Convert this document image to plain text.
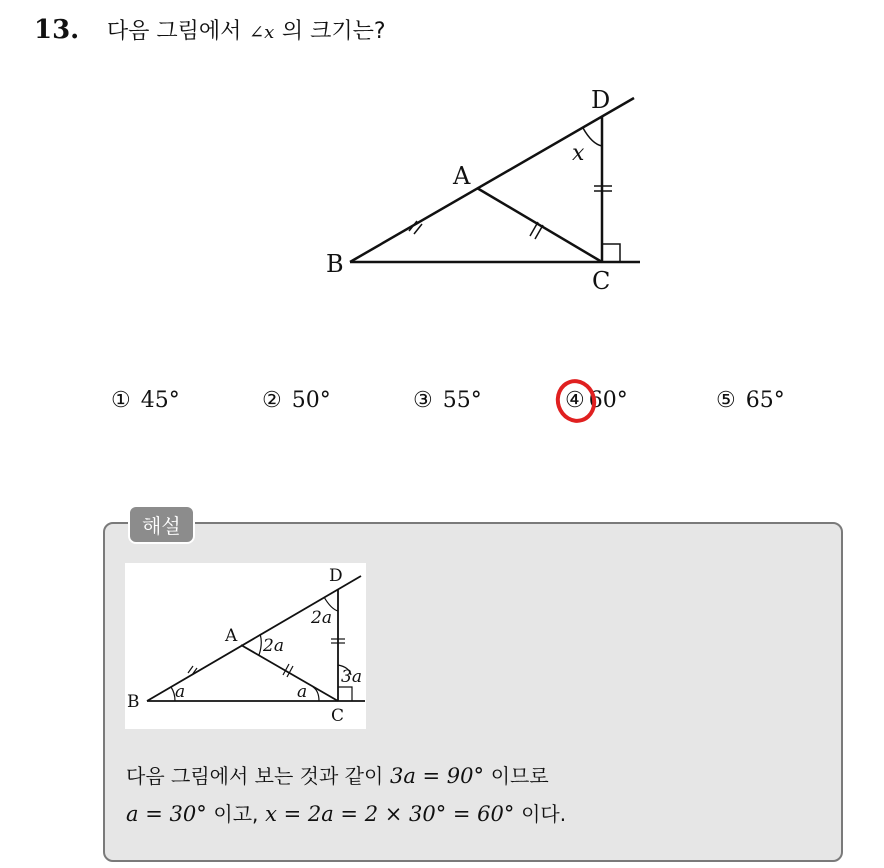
13. 다음 그림에서 ∠x 의 크기는?
D
A
B
C
x
① 45°	② 50°	③ 55°	④ 60°	⑤ 65°
해설
D
A
B
C
a	a
2a
2a
3a
다음 그림에서 보는 것과 같이 3a = 90° 이므로
a = 30° 이고, x = 2a = 2 × 30° = 60° 이다.
